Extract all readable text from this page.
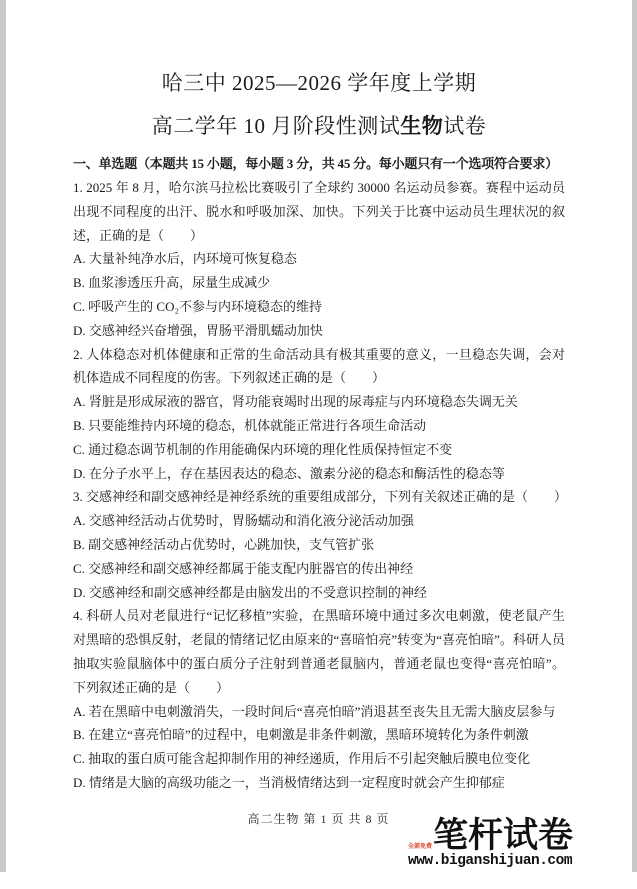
哈三中 2025—2026 学年度上学期
高二学年 10 月阶段性测试生物试卷

一、单选题（本题共 15 小题，每小题 3 分，共 45 分。每小题只有一个选项符合要求）

1. 2025 年 8 月，哈尔滨马拉松比赛吸引了全球约 30000 名运动员参赛。赛程中运动员出现不同程度的出汗、脱水和呼吸加深、加快。下列关于比赛中运动员生理状况的叙述，正确的是（　　）

A. 大量补纯净水后，内环境可恢复稳态

B. 血浆渗透压升高，尿量生成减少

C. 呼吸产生的 CO₂不参与内环境稳态的维持

D. 交感神经兴奋增强，胃肠平滑肌蠕动加快

2. 人体稳态对机体健康和正常的生命活动具有极其重要的意义，一旦稳态失调，会对机体造成不同程度的伤害。下列叙述正确的是（　　）

A. 肾脏是形成尿液的器官，肾功能衰竭时出现的尿毒症与内环境稳态失调无关

B. 只要能维持内环境的稳态，机体就能正常进行各项生命活动

C. 通过稳态调节机制的作用能确保内环境的理化性质保持恒定不变

D. 在分子水平上，存在基因表达的稳态、激素分泌的稳态和酶活性的稳态等

3. 交感神经和副交感神经是神经系统的重要组成部分，下列有关叙述正确的是（　　）

A. 交感神经活动占优势时，胃肠蠕动和消化液分泌活动加强

B. 副交感神经活动占优势时，心跳加快，支气管扩张

C. 交感神经和副交感神经都属于能支配内脏器官的传出神经

D. 交感神经和副交感神经都是由脑发出的不受意识控制的神经

4. 科研人员对老鼠进行“记忆移植”实验，在黑暗环境中通过多次电刺激，使老鼠产生对黑暗的恐惧反射，老鼠的情绪记忆由原来的“喜暗怕亮”转变为“喜亮怕暗”。科研人员抽取实验鼠脑体中的蛋白质分子注射到普通老鼠脑内，普通老鼠也变得“喜亮怕暗”。下列叙述正确的是（　　）

A. 若在黑暗中电刺激消失，一段时间后“喜亮怕暗”消退甚至丧失且无需大脑皮层参与

B. 在建立“喜亮怕暗”的过程中，电刺激是非条件刺激，黑暗环境转化为条件刺激

C. 抽取的蛋白质可能含起抑制作用的神经递质，作用后不引起突触后膜电位变化

D. 情绪是大脑的高级功能之一，当消极情绪达到一定程度时就会产生抑郁症

高二生物 第 1 页 共 8 页
全部免费 笔杆试卷
www.biganshijuan.com
